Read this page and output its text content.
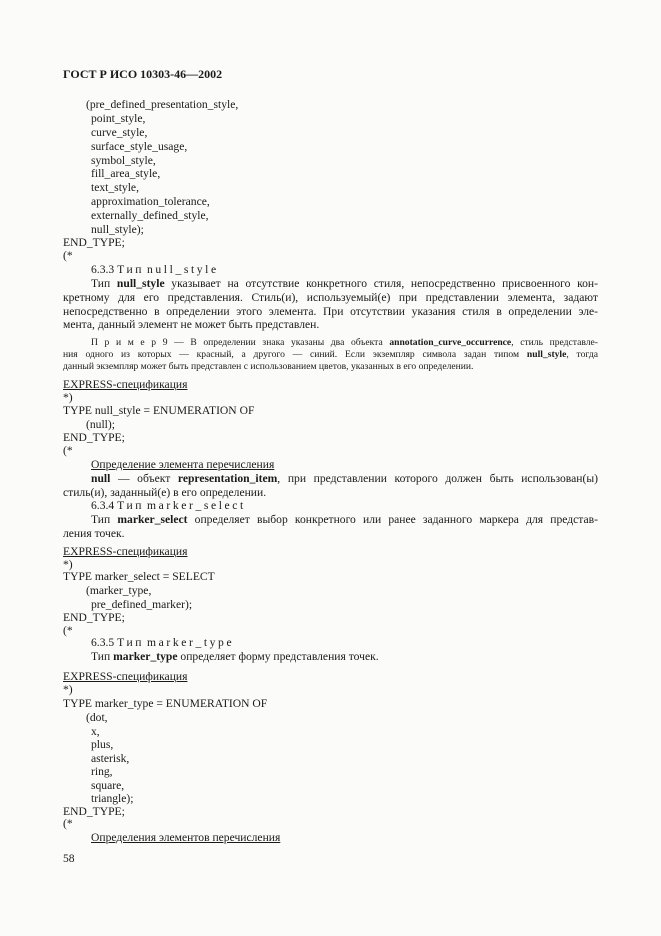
ГОСТ Р ИСО 10303-46—2002
(pre_defined_presentation_style,
point_style,
curve_style,
surface_style_usage,
symbol_style,
fill_area_style,
text_style,
approximation_tolerance,
externally_defined_style,
null_style);
END_TYPE;
(*
6.3.3 Тип null_style
Тип null_style указывает на отсутствие конкретного стиля, непосредственно присвоенного кон-
кретному для его представления. Стиль(и), используемый(е) при представлении элемента, задают
непосредственно в определении этого элемента. При отсутствии указания стиля в определении эле-
мента, данный элемент не может быть представлен.
П р и м е р 9 — В определении знака указаны два объекта annotation_curve_occurrence, стиль представле-
ния одного из которых — красный, а другого — синий. Если экземпляр символа задан типом null_style, тогда
данный экземпляр может быть представлен с использованием цветов, указанных в его определении.
EXPRESS-спецификация
*)
TYPE null_style = ENUMERATION OF
(null);
END_TYPE;
(*
Определение элемента перечисления
null — объект representation_item, при представлении которого должен быть использован(ы)
стиль(и), заданный(е) в его определении.
6.3.4 Тип marker_select
Тип marker_select определяет выбор конкретного или ранее заданного маркера для представ-
ления точек.
EXPRESS-спецификация
*)
TYPE marker_select = SELECT
(marker_type,
pre_defined_marker);
END_TYPE;
(*
6.3.5 Тип marker_type
Тип marker_type определяет форму представления точек.
EXPRESS-спецификация
*)
TYPE marker_type = ENUMERATION OF
(dot,
x,
plus,
asterisk,
ring,
square,
triangle);
END_TYPE;
(*
Определения элементов перечисления
58
